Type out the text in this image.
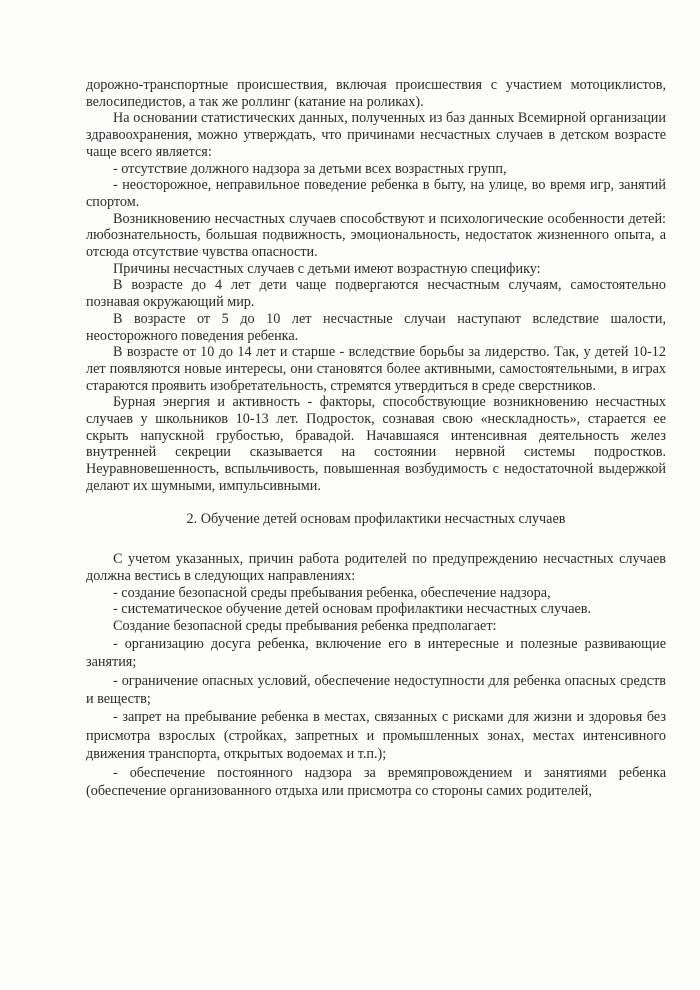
дорожно-транспортные происшествия, включая происшествия с участием мотоциклистов, велосипедистов, а так же роллинг (катание на роликах).

На основании статистических данных, полученных из баз данных Всемирной организации здравоохранения, можно утверждать, что причинами несчастных случаев в детском возрасте чаще всего является:

- отсутствие должного надзора за детьми всех возрастных групп,

- неосторожное, неправильное поведение ребенка в быту, на улице, во время игр, занятий спортом.

Возникновению несчастных случаев способствуют и психологические особенности детей: любознательность, большая подвижность, эмоциональность, недостаток жизненного опыта, а отсюда отсутствие чувства опасности.

Причины несчастных случаев с детьми имеют возрастную специфику:

В возрасте до 4 лет дети чаще подвергаются несчастным случаям, самостоятельно познавая окружающий мир.

В возрасте от 5 до 10 лет несчастные случаи наступают вследствие шалости, неосторожного поведения ребенка.

В возрасте от 10 до 14 лет и старше - вследствие борьбы за лидерство. Так, у детей 10-12 лет появляются новые интересы, они становятся более активными, самостоятельными, в играх стараются проявить изобретательность, стремятся утвердиться в среде сверстников.

Бурная энергия и активность - факторы, способствующие возникновению несчастных случаев у школьников 10-13 лет. Подросток, сознавая свою «нескладность», старается ее скрыть напускной грубостью, бравадой. Начавшаяся интенсивная деятельность желез внутренней секреции сказывается на состоянии нервной системы подростков. Неуравновешенность, вспыльчивость, повышенная возбудимость с недостаточной выдержкой делают их шумными, импульсивными.

2. Обучение детей основам профилактики несчастных случаев

С учетом указанных, причин работа родителей по предупреждению несчастных случаев должна вестись в следующих направлениях:

- создание безопасной среды пребывания ребенка, обеспечение надзора,

- систематическое обучение детей основам профилактики несчастных случаев.

Создание безопасной среды пребывания ребенка предполагает:

- организацию досуга ребенка, включение его в интересные и полезные развивающие занятия;

- ограничение опасных условий, обеспечение недоступности для ребенка опасных средств и веществ;

- запрет на пребывание ребенка в местах, связанных с рисками для жизни и здоровья без присмотра взрослых (стройках, запретных и промышленных зонах, местах интенсивного движения транспорта, открытых водоемах и т.п.);

- обеспечение постоянного надзора за времяпровождением и занятиями ребенка (обеспечение организованного отдыха или присмотра со стороны самих родителей,
